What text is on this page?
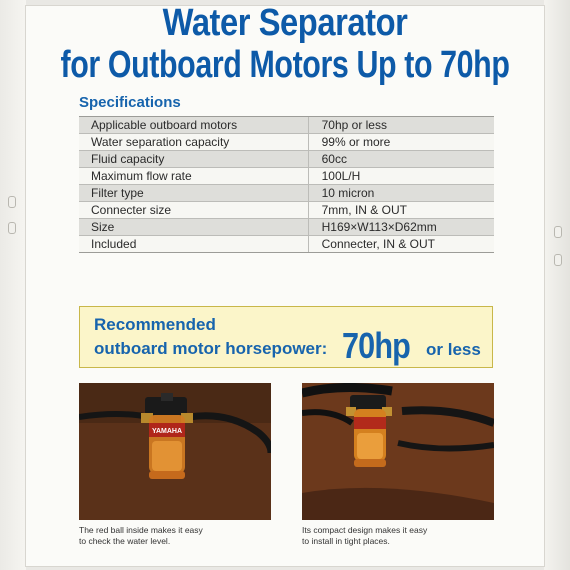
Water Separator
for Outboard Motors Up to 70hp
Specifications
Applicable outboard motors	70hp or less
Water separation capacity	99% or more
Fluid capacity	60cc
Maximum flow rate	100L/H
Filter type	10 micron
Connecter size	7mm, IN & OUT
Size	H169×W113×D62mm
Included	Connecter, IN & OUT
Recommended
outboard motor horsepower: 70hp or less
YAMAHA
The red ball inside makes it easy
to check the water level.
Its compact design makes it easy
to install in tight places.
